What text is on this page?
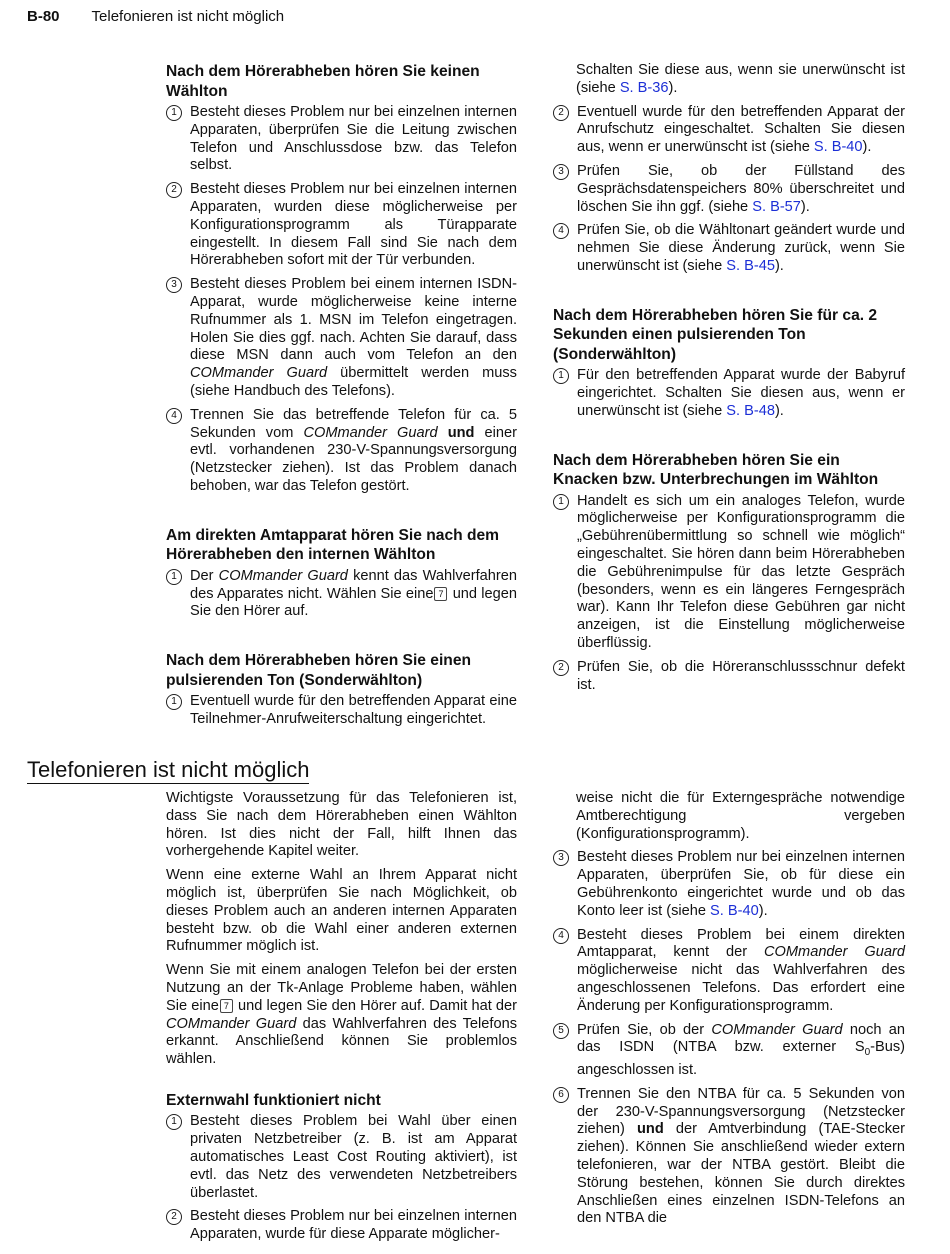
B-80 Telefonieren ist nicht möglich
Nach dem Hörerabheben hören Sie keinen Wählton
1 Besteht dieses Problem nur bei einzelnen internen Apparaten, überprüfen Sie die Leitung zwischen Telefon und Anschlussdose bzw. das Telefon selbst.
2 Besteht dieses Problem nur bei einzelnen internen Apparaten, wurden diese möglicherweise per Konfigurationsprogramm als Türapparate eingestellt. In diesem Fall sind Sie nach dem Hörerabheben sofort mit der Tür verbunden.
3 Besteht dieses Problem bei einem internen ISDN-Apparat, wurde möglicherweise keine interne Rufnummer als 1. MSN im Telefon eingetragen. Holen Sie dies ggf. nach. Achten Sie darauf, dass diese MSN dann auch vom Telefon an den COMmander Guard übermittelt werden muss (siehe Handbuch des Telefons).
4 Trennen Sie das betreffende Telefon für ca. 5 Sekunden vom COMmander Guard und einer evtl. vorhandenen 230-V-Spannungsversorgung (Netzstecker ziehen). Ist das Problem danach behoben, war das Telefon gestört.
Am direkten Amtapparat hören Sie nach dem Hörerabheben den internen Wählton
1 Der COMmander Guard kennt das Wahlverfahren des Apparates nicht. Wählen Sie eine 7 und legen Sie den Hörer auf.
Nach dem Hörerabheben hören Sie einen pulsierenden Ton (Sonderwählton)
1 Eventuell wurde für den betreffenden Apparat eine Teilnehmer-Anrufweiterschaltung eingerichtet.

Schalten Sie diese aus, wenn sie unerwünscht ist (siehe S. B-36).

2 Eventuell wurde für den betreffenden Apparat der Anrufschutz eingeschaltet. Schalten Sie diesen aus, wenn er unerwünscht ist (siehe S. B-40).
3 Prüfen Sie, ob der Füllstand des Gesprächsdatenspeichers 80% überschreitet und löschen Sie ihn ggf. (siehe S. B-57).
4 Prüfen Sie, ob die Wähltonart geändert wurde und nehmen Sie diese Änderung zurück, wenn Sie unerwünscht ist (siehe S. B-45).
Nach dem Hörerabheben hören Sie für ca. 2 Sekunden einen pulsierenden Ton (Sonderwählton)
1 Für den betreffenden Apparat wurde der Babyruf eingerichtet. Schalten Sie diesen aus, wenn er unerwünscht ist (siehe S. B-48).
Nach dem Hörerabheben hören Sie ein Knacken bzw. Unterbrechungen im Wählton
1 Handelt es sich um ein analoges Telefon, wurde möglicherweise per Konfigurationsprogramm die „Gebührenübermittlung so schnell wie möglich“ eingeschaltet. Sie hören dann beim Hörerabheben die Gebührenimpulse für das letzte Gespräch (besonders, wenn es ein längeres Ferngespräch war). Kann Ihr Telefon diese Gebühren gar nicht anzeigen, ist die Einstellung möglicherweise überflüssig.
2 Prüfen Sie, ob die Höreranschlussschnur defekt ist.
Telefonieren ist nicht möglich

Wichtigste Voraussetzung für das Telefonieren ist, dass Sie nach dem Hörerabheben einen Wählton hören. Ist dies nicht der Fall, hilft Ihnen das vorhergehende Kapitel weiter.

Wenn eine externe Wahl an Ihrem Apparat nicht möglich ist, überprüfen Sie nach Möglichkeit, ob dieses Problem auch an anderen internen Apparaten besteht bzw. ob die Wahl einer anderen externen Rufnummer möglich ist.

Wenn Sie mit einem analogen Telefon bei der ersten Nutzung an der Tk-Anlage Probleme haben, wählen Sie eine 7 und legen Sie den Hörer auf. Damit hat der COMmander Guard das Wahlverfahren des Telefons erkannt. Anschließend können Sie problemlos wählen.

Externwahl funktioniert nicht
1 Besteht dieses Problem bei Wahl über einen privaten Netzbetreiber (z. B. ist am Apparat automatisches Least Cost Routing aktiviert), ist evtl. das Netz des verwendeten Netzbetreibers überlastet.
2 Besteht dieses Problem nur bei einzelnen internen Apparaten, wurde für diese Apparate möglicher-

weise nicht die für Externgespräche notwendige Amtberechtigung vergeben (Konfigurationsprogramm).

3 Besteht dieses Problem nur bei einzelnen internen Apparaten, überprüfen Sie, ob für diese ein Gebührenkonto eingerichtet wurde und ob das Konto leer ist (siehe S. B-40).
4 Besteht dieses Problem bei einem direkten Amtapparat, kennt der COMmander Guard möglicherweise nicht das Wahlverfahren des angeschlossenen Telefons. Das erfordert eine Änderung per Konfigurationsprogramm.
5 Prüfen Sie, ob der COMmander Guard noch an das ISDN (NTBA bzw. externer $S_0-Bus$) angeschlossen ist.
6 Trennen Sie den NTBA für ca. 5 Sekunden von der 230-V-Spannungsversorgung (Netzstecker ziehen) und der Amtverbindung (TAE-Stecker ziehen). Können Sie anschließend wieder extern telefonieren, war der NTBA gestört. Bleibt die Störung bestehen, können Sie durch direktes Anschließen eines einzelnen ISDN-Telefons an den NTBA die
